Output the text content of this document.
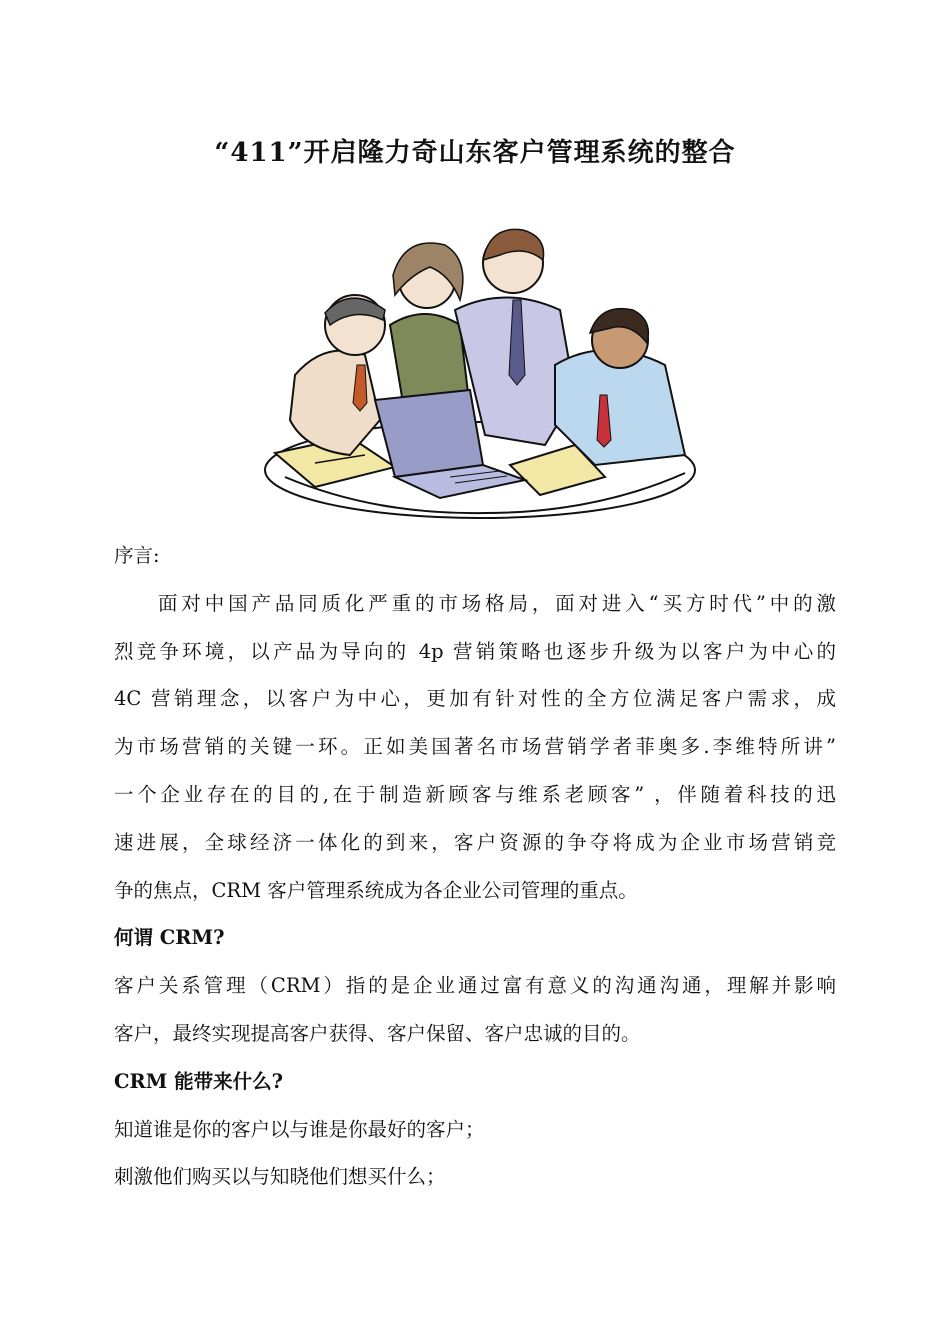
“411”开启隆力奇山东客户管理系统的整合

序言:

面对中国产品同质化严重的市场格局，面对进入“买方时代”中的激
烈竞争环境，以产品为导向的 4p 营销策略也逐步升级为以客户为中心的
4C 营销理念，以客户为中心，更加有针对性的全方位满足客户需求，成
为市场营销的关键一环。正如美国著名市场营销学者菲奥多.李维特所讲”
一个企业存在的目的,在于制造新顾客与维系老顾客” ，伴随着科技的迅
速进展，全球经济一体化的到来，客户资源的争夺将成为企业市场营销竞
争的焦点，CRM 客户管理系统成为各企业公司管理的重点。

何谓 CRM?

客户关系管理（CRM）指的是企业通过富有意义的沟通沟通，理解并影响
客户，最终实现提高客户获得、客户保留、客户忠诚的目的。

CRM 能带来什么?

知道谁是你的客户以与谁是你最好的客户；
刺激他们购买以与知晓他们想买什么；
